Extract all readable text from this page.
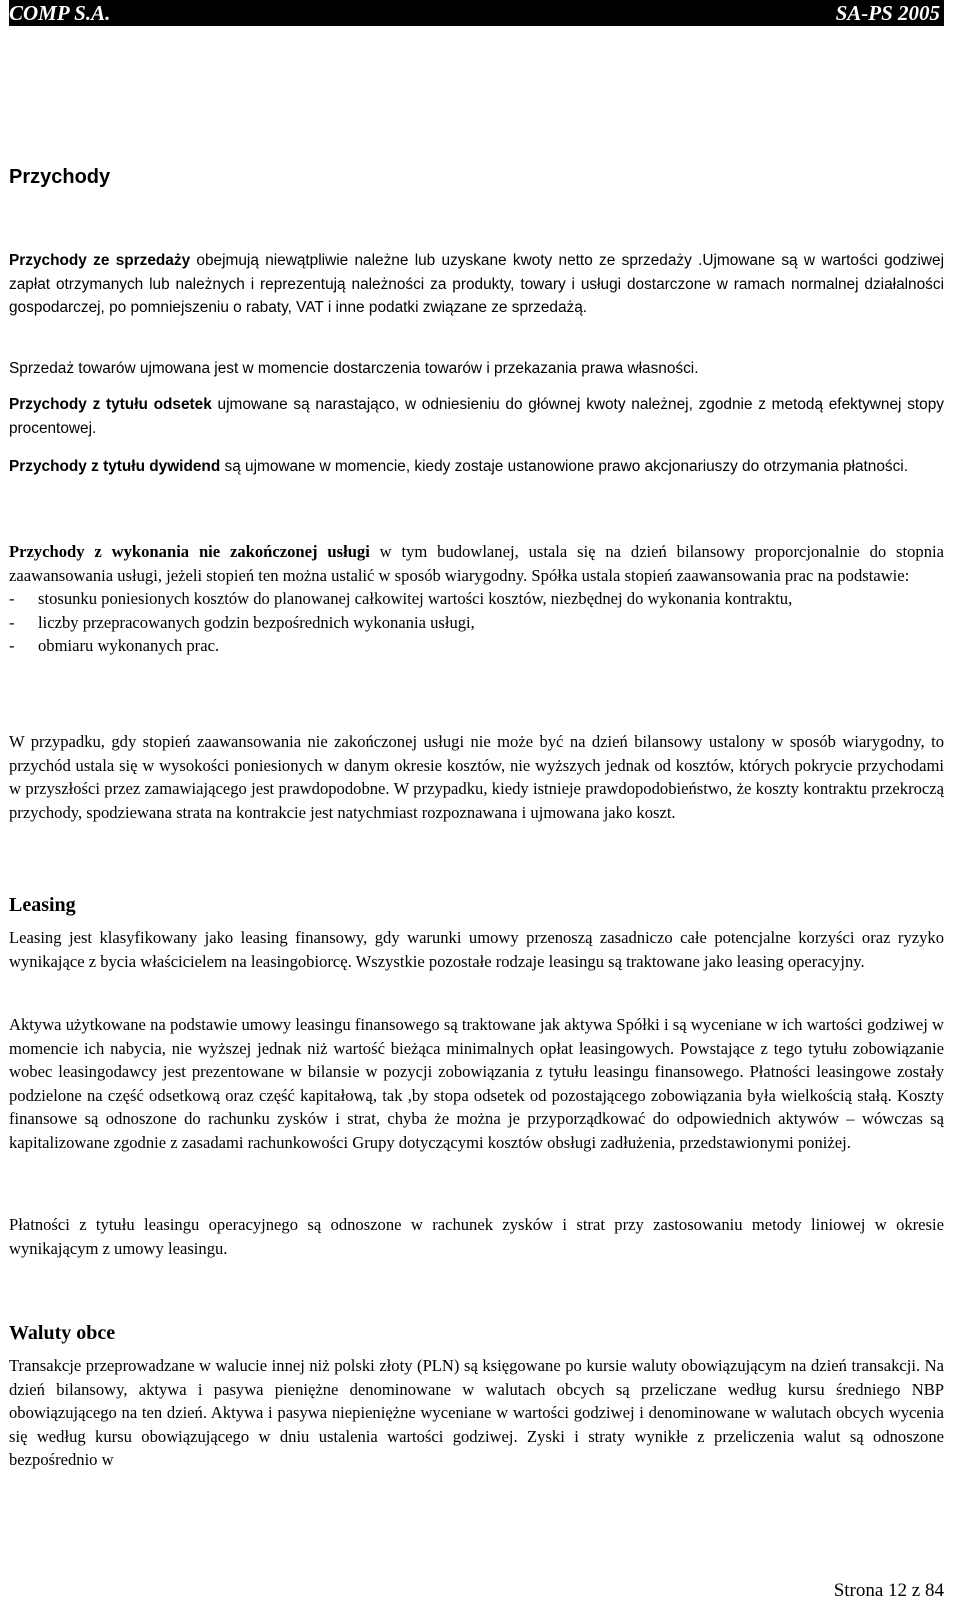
COMP S.A.	SA-PS 2005
Przychody

Przychody ze sprzedaży obejmują niewątpliwie należne lub uzyskane kwoty netto ze sprzedaży .Ujmowane są w wartości godziwej zapłat otrzymanych lub należnych i reprezentują należności za produkty, towary i usługi dostarczone w ramach normalnej działalności gospodarczej, po pomniejszeniu o rabaty, VAT i inne podatki związane ze sprzedażą.

Sprzedaż towarów ujmowana jest w momencie dostarczenia towarów i przekazania prawa własności.

Przychody z tytułu odsetek ujmowane są narastająco, w odniesieniu do głównej kwoty należnej, zgodnie z metodą efektywnej stopy procentowej.

Przychody z tytułu dywidend są ujmowane w momencie, kiedy zostaje ustanowione prawo akcjonariuszy do otrzymania płatności.

Przychody z wykonania nie zakończonej usługi w tym budowlanej, ustala się na dzień bilansowy proporcjonalnie do stopnia zaawansowania usługi, jeżeli stopień ten można ustalić w sposób wiarygodny. Spółka ustala stopień zaawansowania prac na podstawie:

- stosunku poniesionych kosztów do planowanej całkowitej wartości kosztów, niezbędnej do wykonania kontraktu,
- liczby przepracowanych godzin bezpośrednich wykonania usługi,
- obmiaru wykonanych prac.

W przypadku, gdy stopień zaawansowania nie zakończonej usługi nie może być na dzień bilansowy ustalony w sposób wiarygodny, to przychód ustala się w wysokości poniesionych w danym okresie kosztów, nie wyższych jednak od kosztów, których pokrycie przychodami w przyszłości przez zamawiającego jest prawdopodobne. W przypadku, kiedy istnieje prawdopodobieństwo, że koszty kontraktu przekroczą przychody, spodziewana strata na kontrakcie jest natychmiast rozpoznawana i ujmowana jako koszt.

Leasing

Leasing jest klasyfikowany jako leasing finansowy, gdy warunki umowy przenoszą zasadniczo całe potencjalne korzyści oraz ryzyko wynikające z bycia właścicielem na leasingobiorcę. Wszystkie pozostałe rodzaje leasingu są traktowane jako leasing operacyjny.

Aktywa użytkowane na podstawie umowy leasingu finansowego są traktowane jak aktywa Spółki i są wyceniane w ich wartości godziwej w momencie ich nabycia, nie wyższej jednak niż wartość bieżąca minimalnych opłat leasingowych. Powstające z tego tytułu zobowiązanie wobec leasingodawcy jest prezentowane w bilansie w pozycji zobowiązania z tytułu leasingu finansowego. Płatności leasingowe zostały podzielone na część odsetkową oraz część kapitałową, tak ,by stopa odsetek od pozostającego zobowiązania była wielkością stałą. Koszty finansowe są odnoszone do rachunku zysków i strat, chyba że można je przyporządkować do odpowiednich aktywów – wówczas są kapitalizowane zgodnie z zasadami rachunkowości Grupy dotyczącymi kosztów obsługi zadłużenia, przedstawionymi poniżej.

Płatności z tytułu leasingu operacyjnego są odnoszone w rachunek zysków i strat przy zastosowaniu metody liniowej w okresie wynikającym z umowy leasingu.

Waluty obce

Transakcje przeprowadzane w walucie innej niż polski złoty (PLN) są księgowane po kursie waluty obowiązującym na dzień transakcji. Na dzień bilansowy, aktywa i pasywa pieniężne denominowane w walutach obcych są przeliczane według kursu średniego NBP obowiązującego na ten dzień. Aktywa i pasywa niepieniężne wyceniane w wartości godziwej i denominowane w walutach obcych wycenia się według kursu obowiązującego w dniu ustalenia wartości godziwej. Zyski i straty wynikłe z przeliczenia walut są odnoszone bezpośrednio w

Strona 12 z 84
